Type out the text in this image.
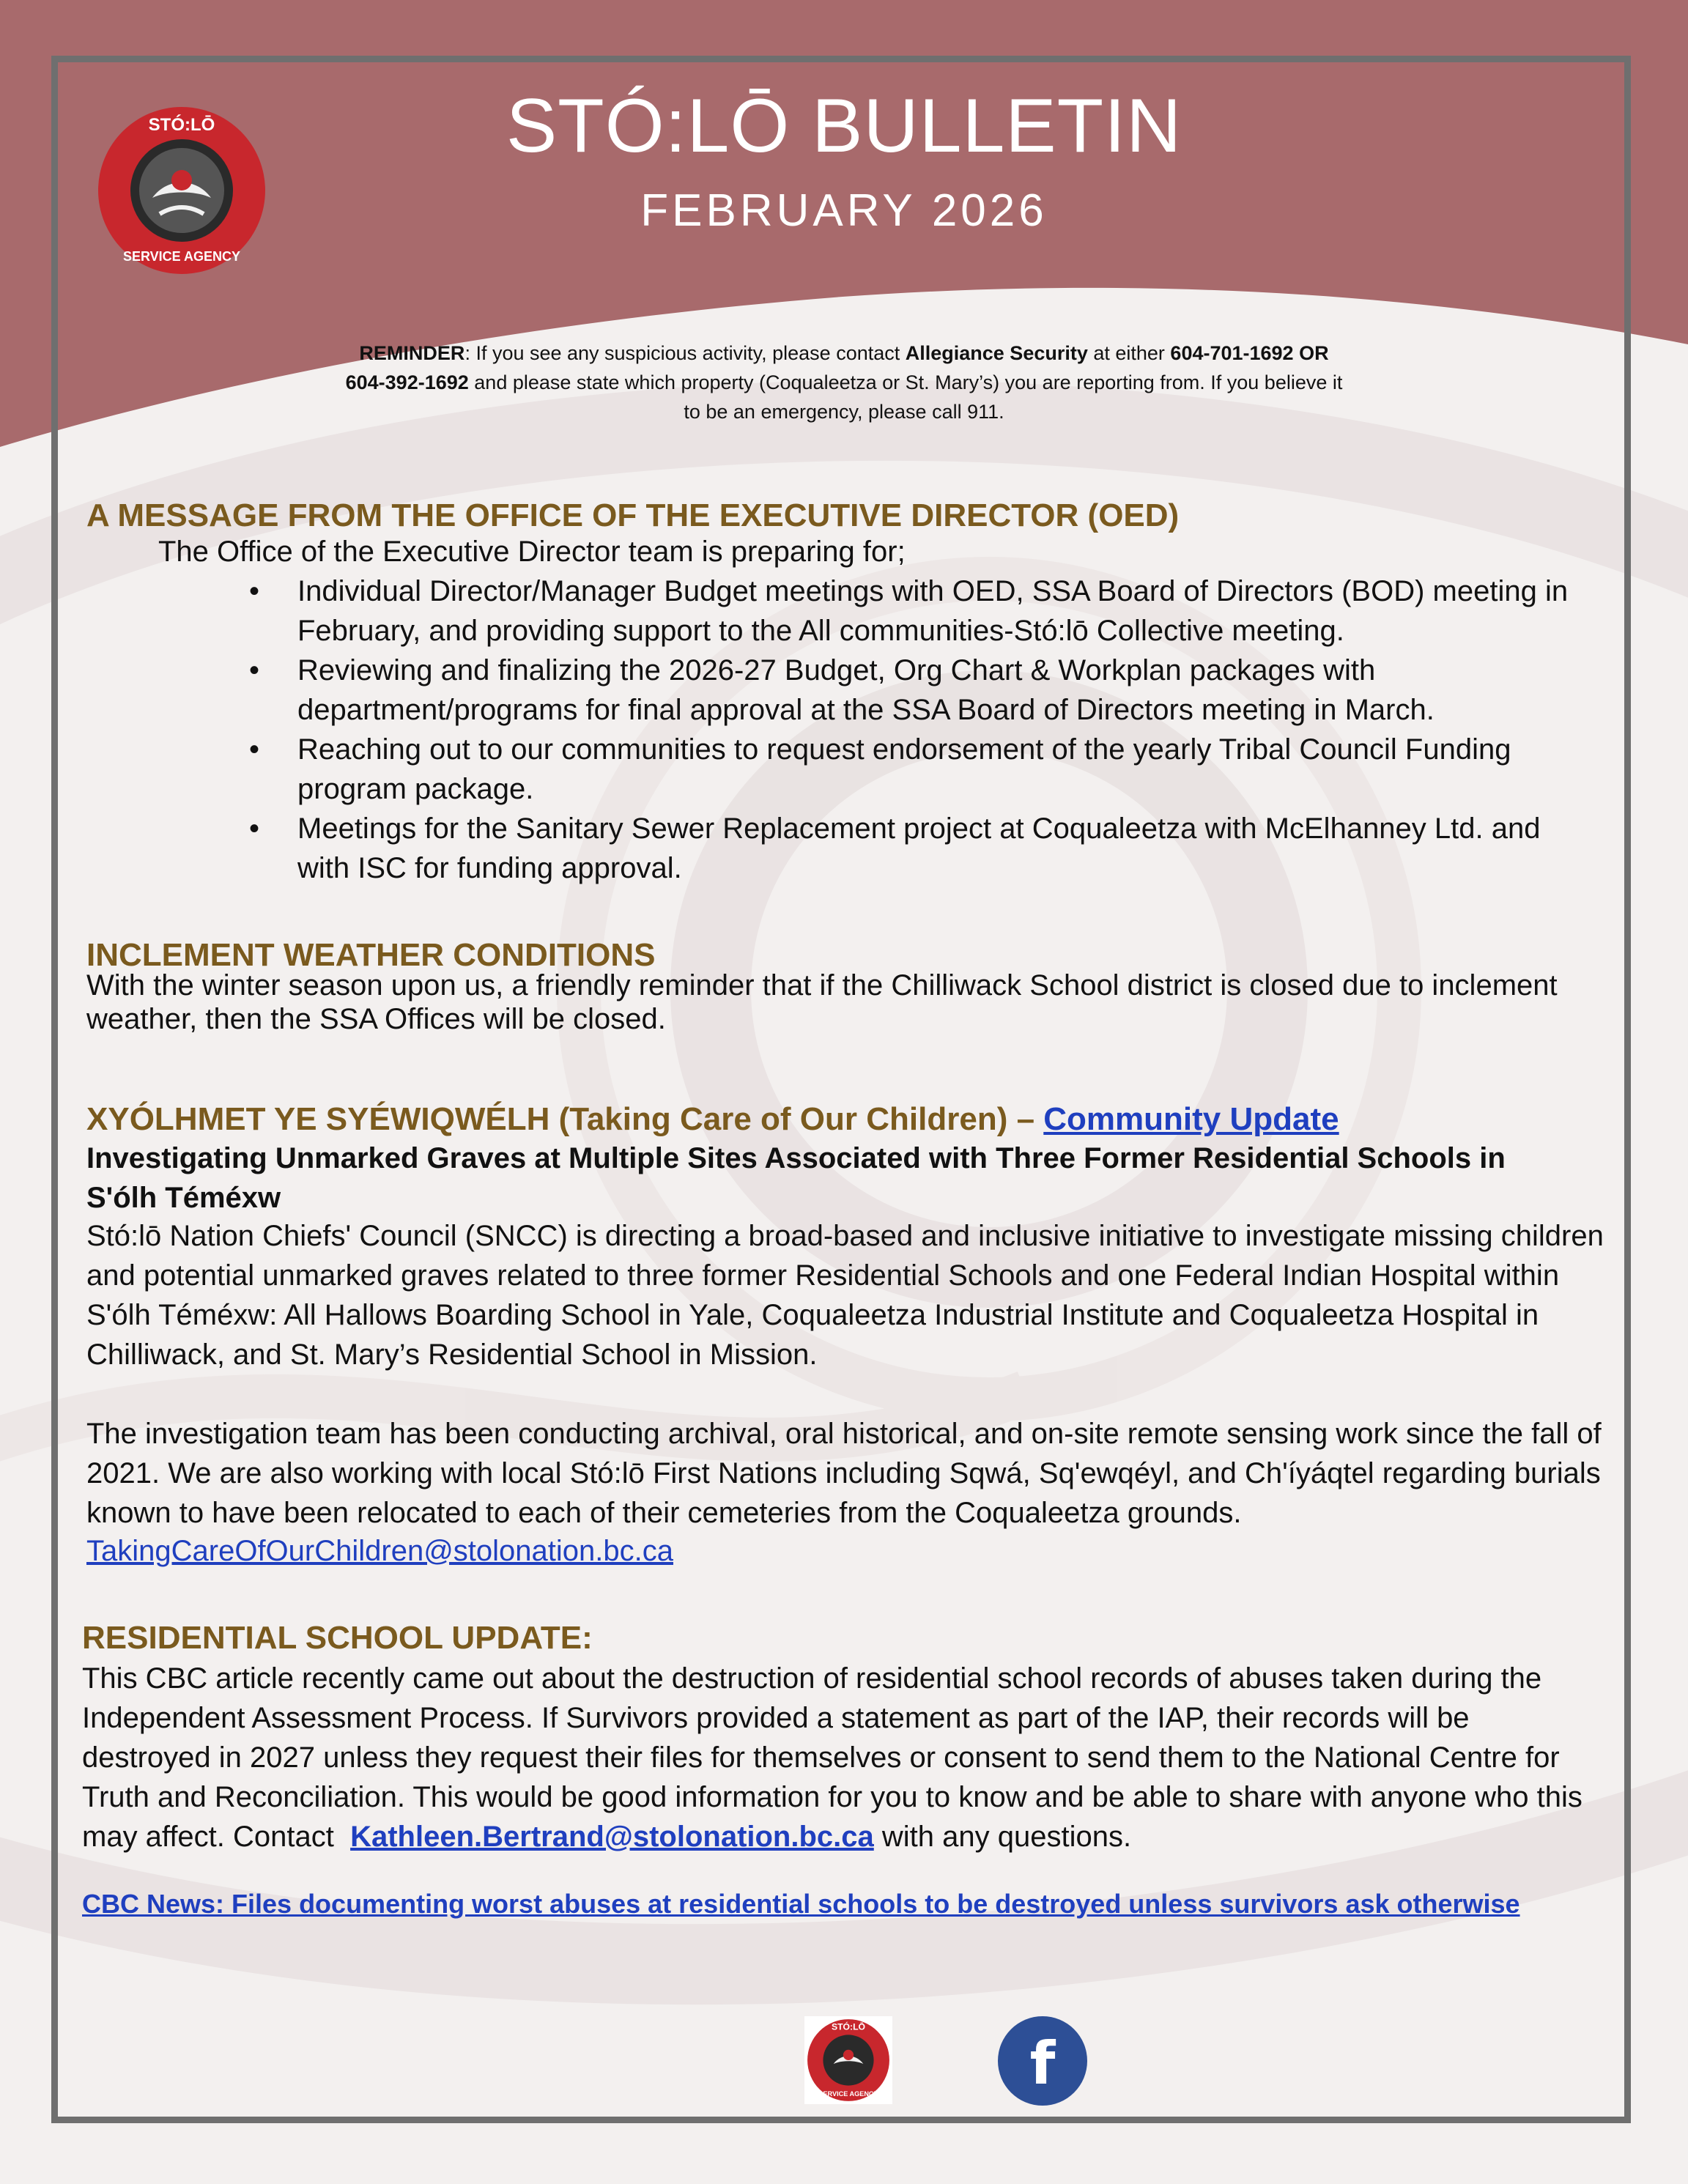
STÓ:LŌ
SERVICE AGENCY
STÓ:LŌ BULLETIN
FEBRUARY 2026
REMINDER: If you see any suspicious activity, please contact Allegiance Security at either 604-701-1692 OR
604-392-1692 and please state which property (Coqualeetza or St. Mary’s) you are reporting from. If you believe it
to be an emergency, please call 911.
A MESSAGE FROM THE OFFICE OF THE EXECUTIVE DIRECTOR (OED)
The Office of the Executive Director team is preparing for;
• Individual Director/Manager Budget meetings with OED, SSA Board of Directors (BOD) meeting in February, and providing support to the All communities-Stó:lō Collective meeting.
• Reviewing and finalizing the 2026-27 Budget, Org Chart & Workplan packages with department/programs for final approval at the SSA Board of Directors meeting in March.
• Reaching out to our communities to request endorsement of the yearly Tribal Council Funding program package.
• Meetings for the Sanitary Sewer Replacement project at Coqualeetza with McElhanney Ltd. and with ISC for funding approval.
INCLEMENT WEATHER CONDITIONS
With the winter season upon us, a friendly reminder that if the Chilliwack School district is closed due to inclement weather, then the SSA Offices will be closed.
XYÓLHMET YE SYÉWIQWÉLH (Taking Care of Our Children) – Community Update
Investigating Unmarked Graves at Multiple Sites Associated with Three Former Residential Schools in S'ólh Téméxw
Stó:lō Nation Chiefs' Council (SNCC) is directing a broad-based and inclusive initiative to investigate missing children and potential unmarked graves related to three former Residential Schools and one Federal Indian Hospital within S'ólh Téméxw: All Hallows Boarding School in Yale, Coqualeetza Industrial Institute and Coqualeetza Hospital in Chilliwack, and St. Mary’s Residential School in Mission.
The investigation team has been conducting archival, oral historical, and on-site remote sensing work since the fall of 2021. We are also working with local Stó:lō First Nations including Sqwá, Sq'ewqéyl, and Ch'íyáqtel regarding burials known to have been relocated to each of their cemeteries from the Coqualeetza grounds.
TakingCareOfOurChildren@stolonation.bc.ca
RESIDENTIAL SCHOOL UPDATE:
This CBC article recently came out about the destruction of residential school records of abuses taken during the Independent Assessment Process. If Survivors provided a statement as part of the IAP, their records will be destroyed in 2027 unless they request their files for themselves or consent to send them to the National Centre for Truth and Reconciliation. This would be good information for you to know and be able to share with anyone who this may affect. Contact  Kathleen.Bertrand@stolonation.bc.ca with any questions.
CBC News: Files documenting worst abuses at residential schools to be destroyed unless survivors ask otherwise
STÓ:LŌ
SERVICE AGENCY	f
